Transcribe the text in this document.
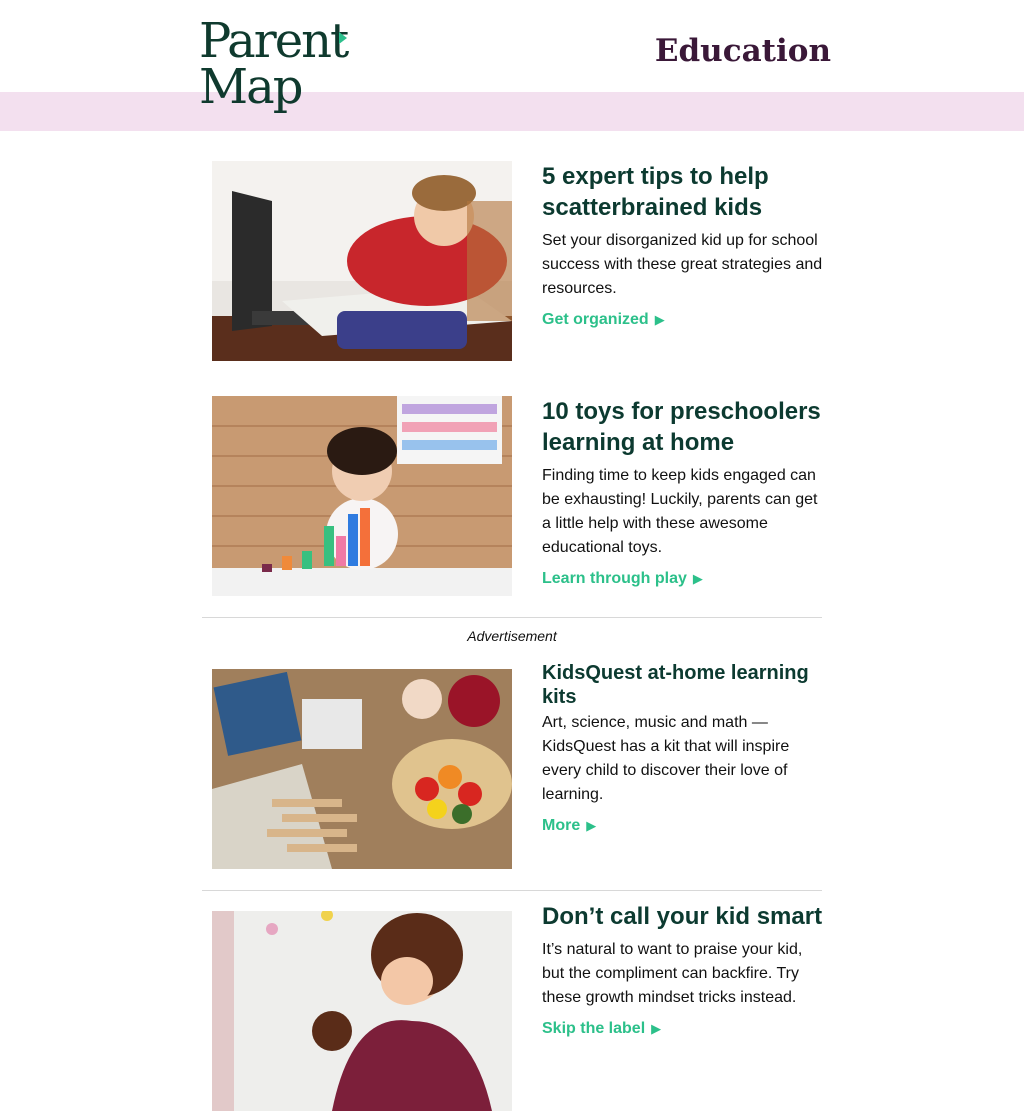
Parent
Map
Education
5 expert tips to help scatterbrained kids

Set your disorganized kid up for school success with these great strategies and resources.

Get organized ▶
10 toys for preschoolers learning at home

Finding time to keep kids engaged can be exhausting! Luckily, parents can get a little help with these awesome educational toys.

Learn through play ▶
Advertisement
KidsQuest at-home learning kits

Art, science, music and math — KidsQuest has a kit that will inspire every child to discover their love of learning.

More ▶
Don’t call your kid smart

It’s natural to want to praise your kid, but the compliment can backfire. Try these growth mindset tricks instead.

Skip the label ▶
